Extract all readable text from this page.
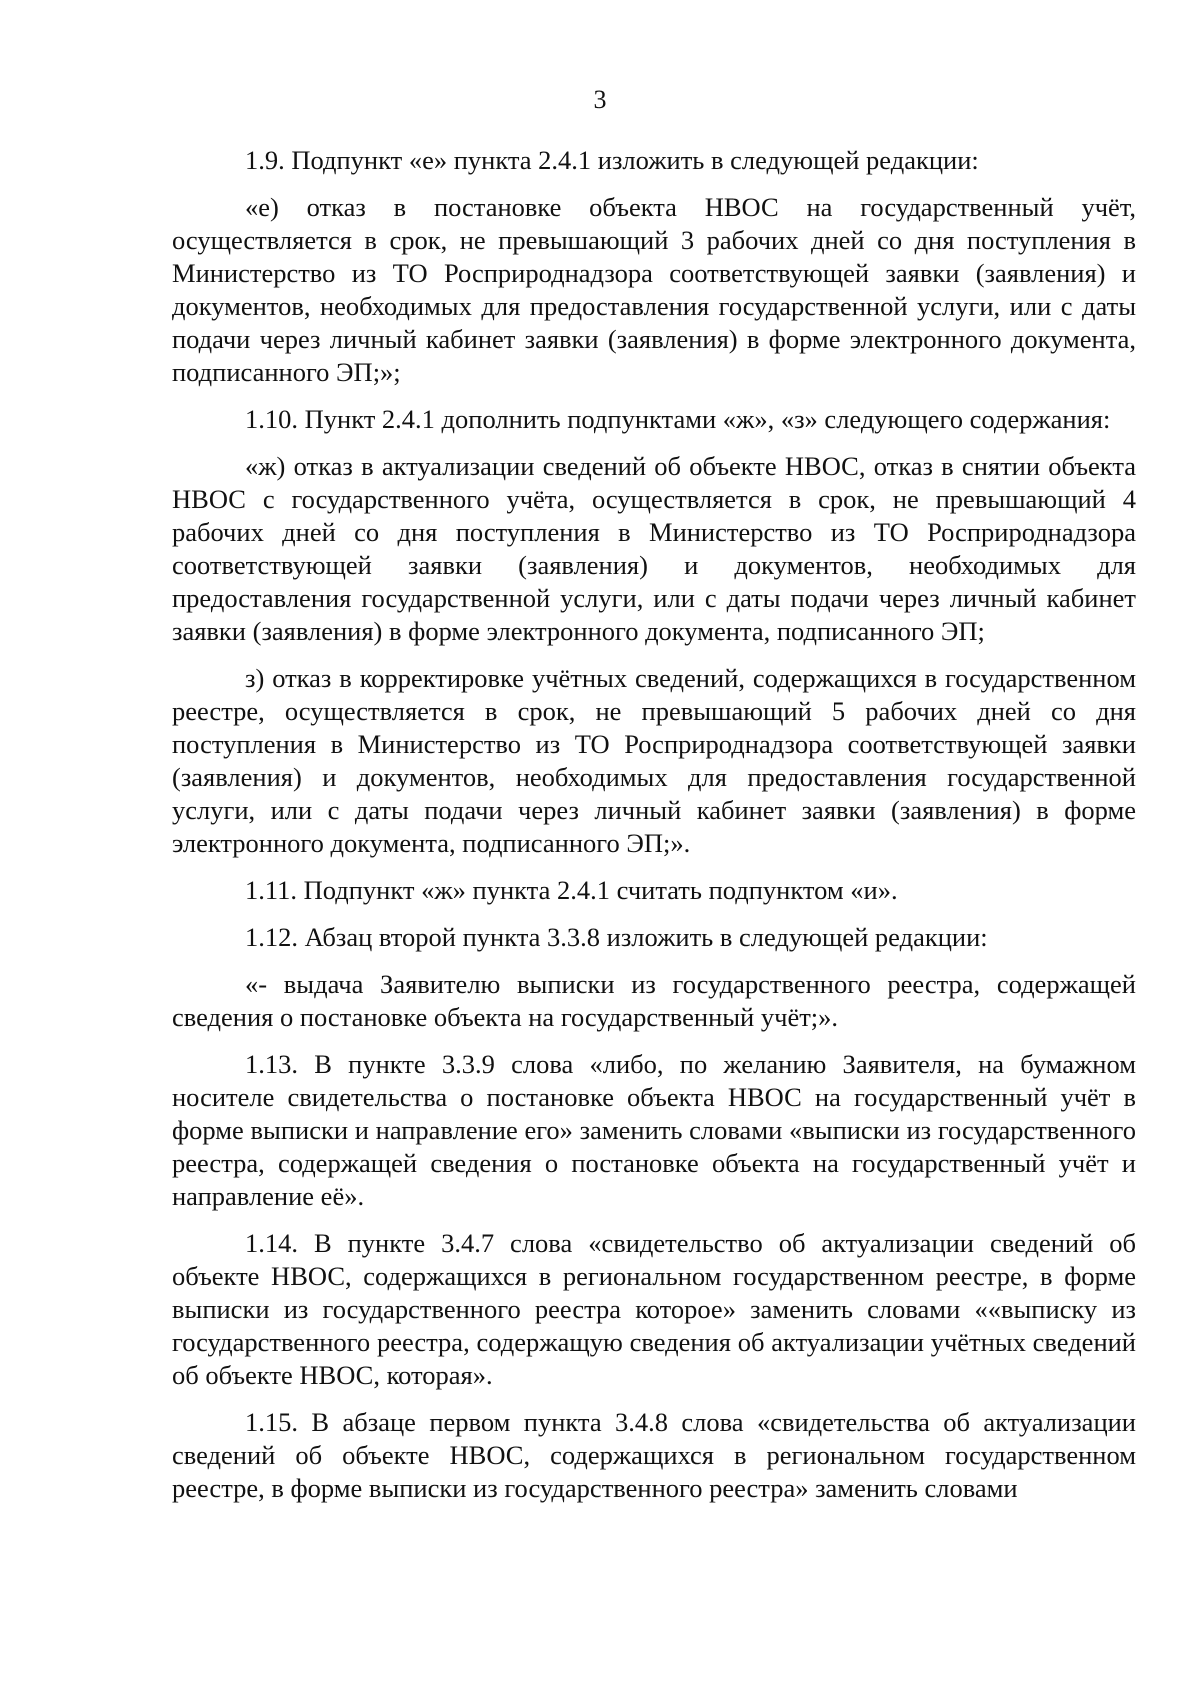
3

1.9. Подпункт «е» пункта 2.4.1 изложить в следующей редакции:

«е) отказ в постановке объекта НВОС на государственный учёт, осуществляется в срок, не превышающий 3 рабочих дней со дня поступления в Министерство из ТО Росприроднадзора соответствующей заявки (заявления) и документов, необходимых для предоставления государственной услуги, или с даты подачи через личный кабинет заявки (заявления) в форме электронного документа, подписанного ЭП;»;

1.10. Пункт 2.4.1 дополнить подпунктами «ж», «з» следующего содержания:

«ж) отказ в актуализации сведений об объекте НВОС, отказ в снятии объекта НВОС с государственного учёта, осуществляется в срок, не превышающий 4 рабочих дней со дня поступления в Министерство из ТО Росприроднадзора соответствующей заявки (заявления) и документов, необходимых для предоставления государственной услуги, или с даты подачи через личный кабинет заявки (заявления) в форме электронного документа, подписанного ЭП;

з) отказ в корректировке учётных сведений, содержащихся в государственном реестре, осуществляется в срок, не превышающий 5 рабочих дней со дня поступления в Министерство из ТО Росприроднадзора соответствующей заявки (заявления) и документов, необходимых для предоставления государственной услуги, или с даты подачи через личный кабинет заявки (заявления) в форме электронного документа, подписанного ЭП;».

1.11. Подпункт «ж» пункта 2.4.1 считать подпунктом «и».

1.12. Абзац второй пункта 3.3.8 изложить в следующей редакции:

«- выдача Заявителю выписки из государственного реестра, содержащей сведения о постановке объекта на государственный учёт;».

1.13. В пункте 3.3.9 слова «либо, по желанию Заявителя, на бумажном носителе свидетельства о постановке объекта НВОС на государственный учёт в форме выписки и направление его» заменить словами «выписки из государственного реестра, содержащей сведения о постановке объекта на государственный учёт и направление её».

1.14. В пункте 3.4.7 слова «свидетельство об актуализации сведений об объекте НВОС, содержащихся в региональном государственном реестре, в форме выписки из государственного реестра которое» заменить словами ««выписку из государственного реестра, содержащую сведения об актуализации учётных сведений об объекте НВОС, которая».

1.15. В абзаце первом пункта 3.4.8 слова «свидетельства об актуализации сведений об объекте НВОС, содержащихся в региональном государственном реестре, в форме выписки из государственного реестра» заменить словами
